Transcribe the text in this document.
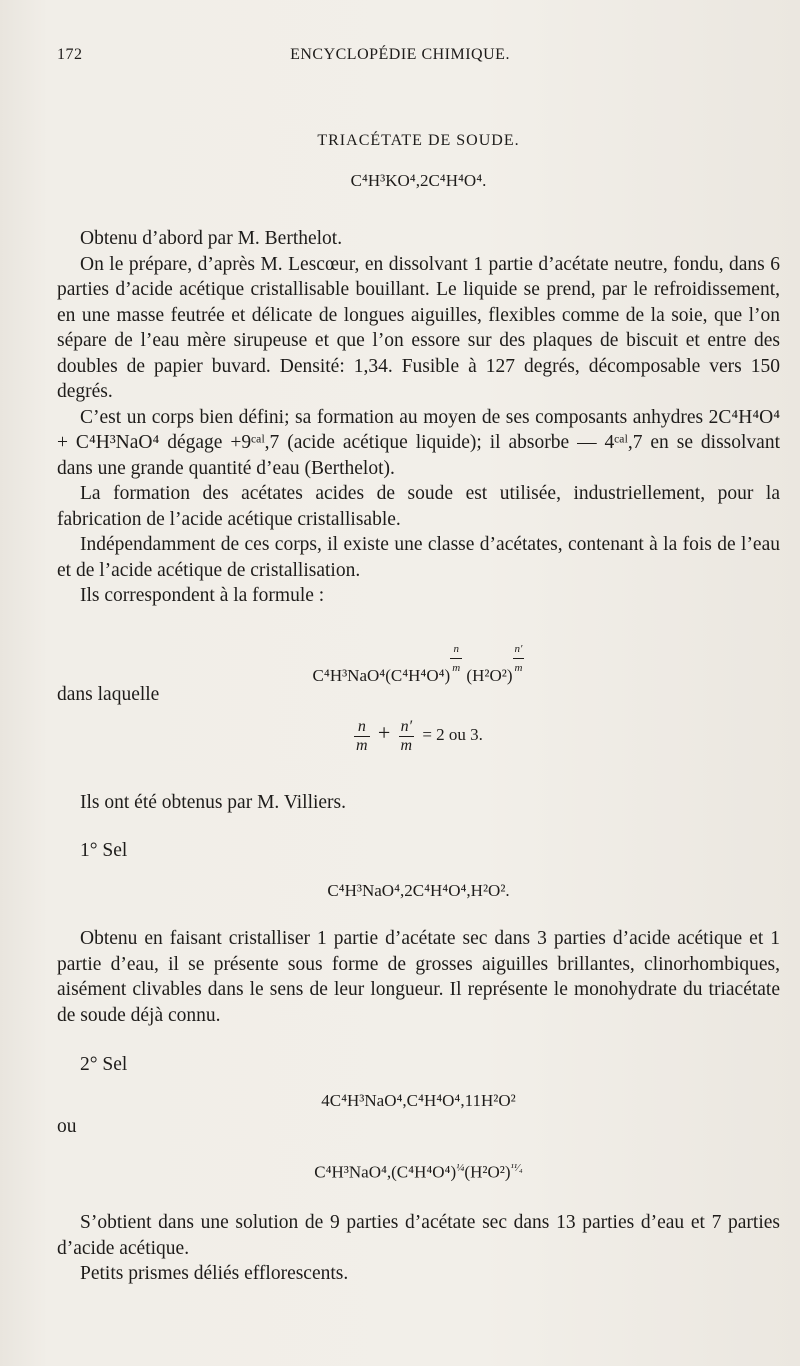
172	ENCYCLOPÉDIE CHIMIQUE.

TRIACÉTATE DE SOUDE.

C⁴H³KO⁴,2C⁴H⁴O⁴.

Obtenu d’abord par M. Berthelot.

On le prépare, d’après M. Lescœur, en dissolvant 1 partie d’acétate neutre, fondu, dans 6 parties d’acide acétique cristallisable bouillant. Le liquide se prend, par le refroidissement, en une masse feutrée et délicate de longues aiguilles, flexibles comme de la soie, que l’on sépare de l’eau mère sirupeuse et que l’on essore sur des plaques de biscuit et entre des doubles de papier buvard. Densité: 1,34. Fusible à 127 degrés, décomposable vers 150 degrés.

C’est un corps bien défini; sa formation au moyen de ses composants anhydres 2C⁴H⁴O⁴ + C⁴H³NaO⁴ dégage +9ᶜᵃˡ,7 (acide acétique liquide); il absorbe — 4ᶜᵃˡ,7 en se dissolvant dans une grande quantité d’eau (Berthelot).

La formation des acétates acides de soude est utilisée, industriellement, pour la fabrication de l’acide acétique cristallisable.

Indépendamment de ces corps, il existe une classe d’acétates, contenant à la fois de l’eau et de l’acide acétique de cristallisation.

Ils correspondent à la formule :

$C^4H^3NaO^4(C^4H^4O^4) \frac{n}{m} (H^2O^2) \frac{n'}{m}$

dans laquelle

$\frac{n}{m} + \frac{n'}{m} = 2$ ou 3.

Ils ont été obtenus par M. Villiers.

1° Sel

C⁴H³NaO⁴,2C⁴H⁴O⁴,H²O².

Obtenu en faisant cristalliser 1 partie d’acétate sec dans 3 parties d’acide acétique et 1 partie d’eau, il se présente sous forme de grosses aiguilles brillantes, clinorhombiques, aisément clivables dans le sens de leur longueur. Il représente le monohydrate du triacétate de soude déjà connu.

2° Sel

4C⁴H³NaO⁴,C⁴H⁴O⁴,11H²O²

ou

$C^4H^3NaO^4,(C^4H^4O^4)^{\frac{1}{4}}(H^2O^2)^{^{11}⁄_4}$

S’obtient dans une solution de 9 parties d’acétate sec dans 13 parties d’eau et 7 parties d’acide acétique.

Petits prismes déliés efflorescents.
